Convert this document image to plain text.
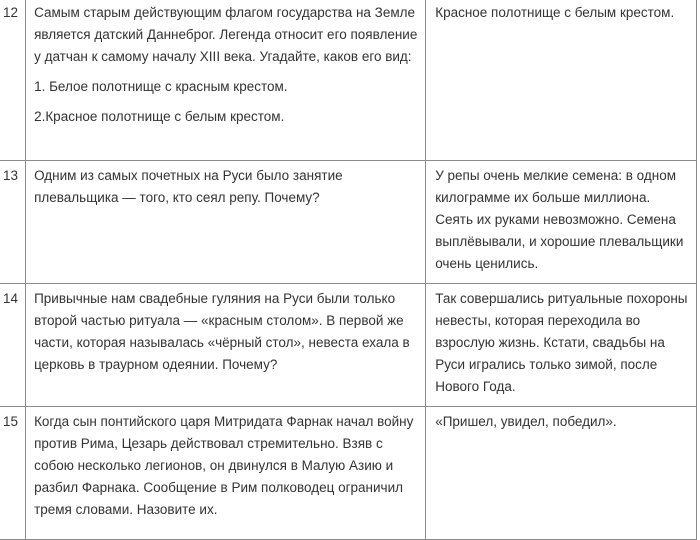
12	Самым старым действующим флагом государства на Земле является датский Даннеброг. Легенда относит его появление у датчан к самому началу XIII века. Угадайте, каков его вид:

1. Белое полотнище с красным крестом.

2.Красное полотнище с белым крестом.	Красное полотнище с белым крестом.

13	Одним из самых почетных на Руси было занятие плевальщика — того, кто сеял репу. Почему?	У репы очень мелкие семена: в одном килограмме их больше миллиона. Сеять их руками невозможно. Семена выплёвывали, и хорошие плевальщики очень ценились.

14	Привычные нам свадебные гуляния на Руси были только второй частью ритуала — «красным столом». В первой же части, которая называлась «чёрный стол», невеста ехала в церковь в траурном одеянии. Почему?	Так совершались ритуальные похороны невесты, которая переходила во взрослую жизнь. Кстати, свадьбы на Руси игрались только зимой, после Нового Года.

15	Когда сын понтийского царя Митридата Фарнак начал войну против Рима, Цезарь действовал стремительно. Взяв с собою несколько легионов, он двинулся в Малую Азию и разбил Фарнака. Сообщение в Рим полководец ограничил тремя словами. Назовите их.	«Пришел, увидел, победил».
